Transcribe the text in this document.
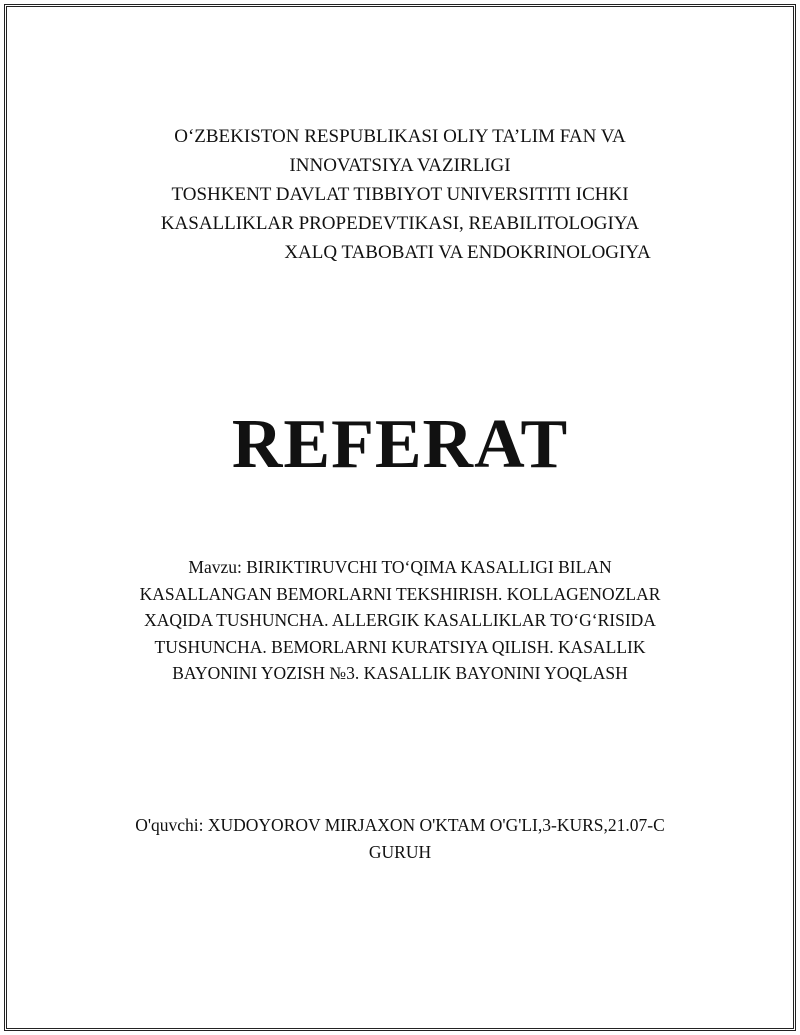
O‘ZBEKISTON RESPUBLIKASI OLIY TA’LIM FAN VA
INNOVATSIYA VAZIRLIGI
TOSHKENT DAVLAT TIBBIYOT UNIVERSITITI ICHKI
KASALLIKLAR PROPEDEVTIKASI, REABILITOLOGIYA
XALQ TABOBATI VA ENDOKRINOLOGIYA
REFERAT
Mavzu: BIRIKTIRUVCHI TO‘QIMA KASALLIGI BILAN
KASALLANGAN BEMORLARNI TEKSHIRISH. KOLLAGENOZLAR
XAQIDA TUSHUNCHA. ALLERGIK KASALLIKLAR TO‘G‘RISIDA
TUSHUNCHA. BEMORLARNI KURATSIYA QILISH. KASALLIK
BAYONINI YOZISH №3. KASALLIK BAYONINI YOQLASH
O'quvchi: XUDOYOROV MIRJAXON O'KTAM O'G'LI,3-KURS,21.07-C
GURUH
